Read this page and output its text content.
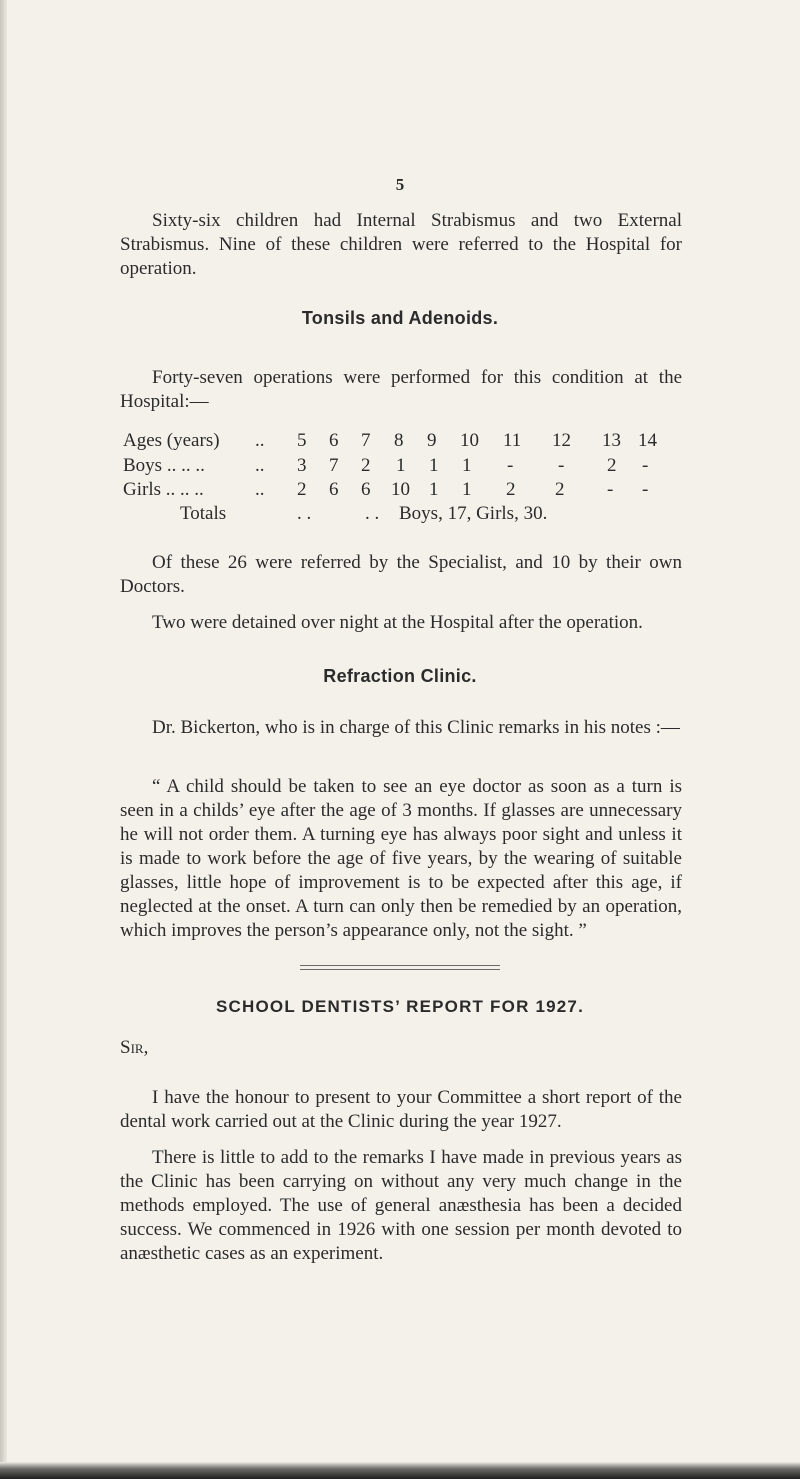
5

Sixty-six children had Internal Strabismus and two External Strabismus. Nine of these children were referred to the Hospital for operation.

Tonsils and Adenoids.

Forty-seven operations were performed for this condition at the Hospital:—

Ages (years) .. 5 6 7 8 9 10 11 12 13 14
Boys .. .. ..	.. 3 7 2 1 1 1 - - 2 -
Girls .. .. ..	.. 2 6 6 10 1 1 2 2 - -
Totals	. .	. . Boys, 17, Girls, 30.

Of these 26 were referred by the Specialist, and 10 by their own Doctors.

Two were detained over night at the Hospital after the operation.

Refraction Clinic.

Dr. Bickerton, who is in charge of this Clinic remarks in his notes :—

“ A child should be taken to see an eye doctor as soon as a turn is seen in a childs’ eye after the age of 3 months. If glasses are unnecessary he will not order them. A turning eye has always poor sight and unless it is made to work before the age of five years, by the wearing of suitable glasses, little hope of improvement is to be expected after this age, if neglected at the onset. A turn can only then be remedied by an operation, which improves the person’s appearance only, not the sight. ”

SCHOOL DENTISTS’ REPORT FOR 1927.

Sir,

I have the honour to present to your Committee a short report of the dental work carried out at the Clinic during the year 1927.

There is little to add to the remarks I have made in previous years as the Clinic has been carrying on without any very much change in the methods employed. The use of general anæsthesia has been a decided success. We commenced in 1926 with one session per month devoted to anæsthetic cases as an experiment.
